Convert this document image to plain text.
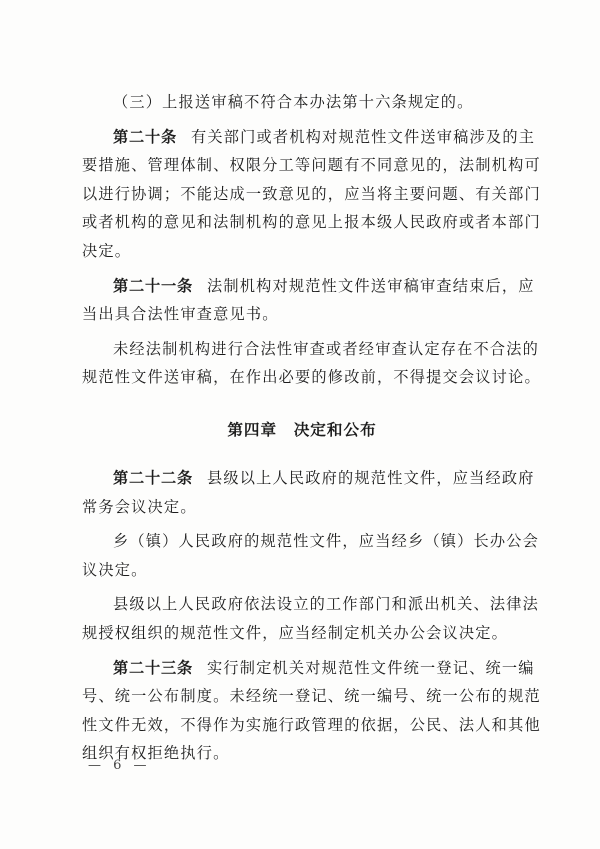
（三）上报送审稿不符合本办法第十六条规定的。
第二十条 有关部门或者机构对规范性文件送审稿涉及的主
要措施、管理体制、权限分工等问题有不同意见的，法制机构可
以进行协调；不能达成一致意见的，应当将主要问题、有关部门
或者机构的意见和法制机构的意见上报本级人民政府或者本部门
决定。
第二十一条 法制机构对规范性文件送审稿审查结束后，应
当出具合法性审查意见书。
未经法制机构进行合法性审查或者经审查认定存在不合法的
规范性文件送审稿，在作出必要的修改前，不得提交会议讨论。
第四章　决定和公布
第二十二条 县级以上人民政府的规范性文件，应当经政府
常务会议决定。
乡（镇）人民政府的规范性文件，应当经乡（镇）长办公会
议决定。
县级以上人民政府依法设立的工作部门和派出机关、法律法
规授权组织的规范性文件，应当经制定机关办公会议决定。
第二十三条 实行制定机关对规范性文件统一登记、统一编
号、统一公布制度。未经统一登记、统一编号、统一公布的规范
性文件无效，不得作为实施行政管理的依据，公民、法人和其他
组织有权拒绝执行。
— 6 —
